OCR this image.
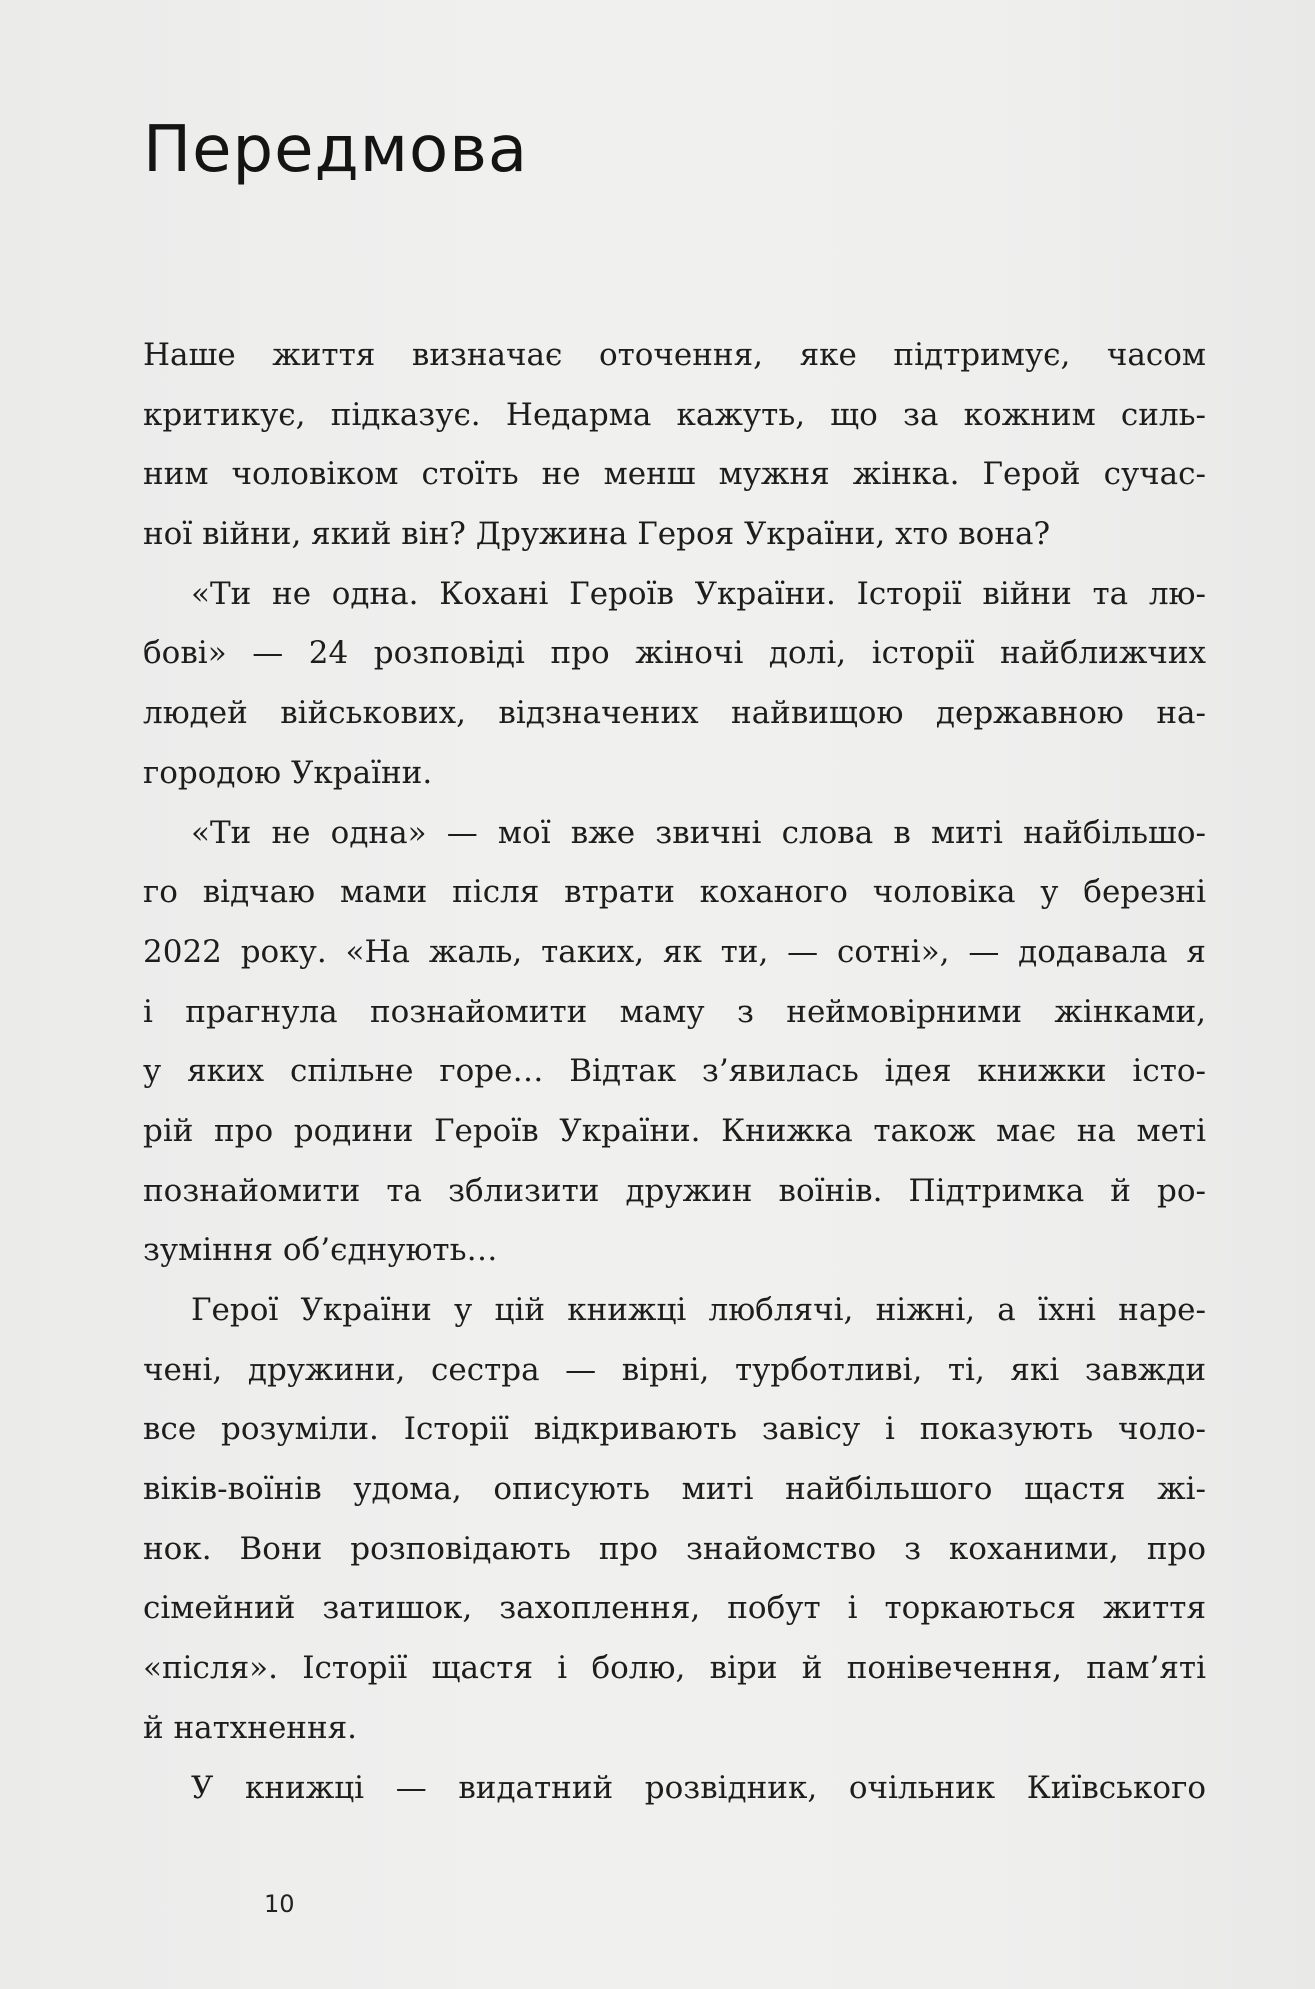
Передмова
Наше життя визначає оточення, яке підтримує, часом
критикує, підказує. Недарма кажуть, що за кожним силь-
ним чоловіком стоїть не менш мужня жінка. Герой сучас-
ної війни, який він? Дружина Героя України, хто вона?
«Ти не одна. Кохані Героїв України. Історії війни та лю-
бові» — 24 розповіді про жіночі долі, історії найближчих
людей військових, відзначених найвищою державною на-
городою України.
«Ти не одна» — мої вже звичні слова в миті найбільшо-
го відчаю мами після втрати коханого чоловіка у березні
2022 року. «На жаль, таких, як ти, — сотні», — додавала я
і прагнула познайомити маму з неймовірними жінками,
у яких спільне горе… Відтак з’явилась ідея книжки істо-
рій про родини Героїв України. Книжка також має на меті
познайомити та зблизити дружин воїнів. Підтримка й ро-
зуміння об’єднують…
Герої України у цій книжці люблячі, ніжні, а їхні наре-
чені, дружини, сестра — вірні, турботливі, ті, які завжди
все розуміли. Історії відкривають завісу і показують чоло-
віків-воїнів удома, описують миті найбільшого щастя жі-
нок. Вони розповідають про знайомство з коханими, про
сімейний затишок, захоплення, побут і торкаються життя
«після». Історії щастя і болю, віри й понівечення, пам’яті
й натхнення.
У книжці — видатний розвідник, очільник Київського
10
